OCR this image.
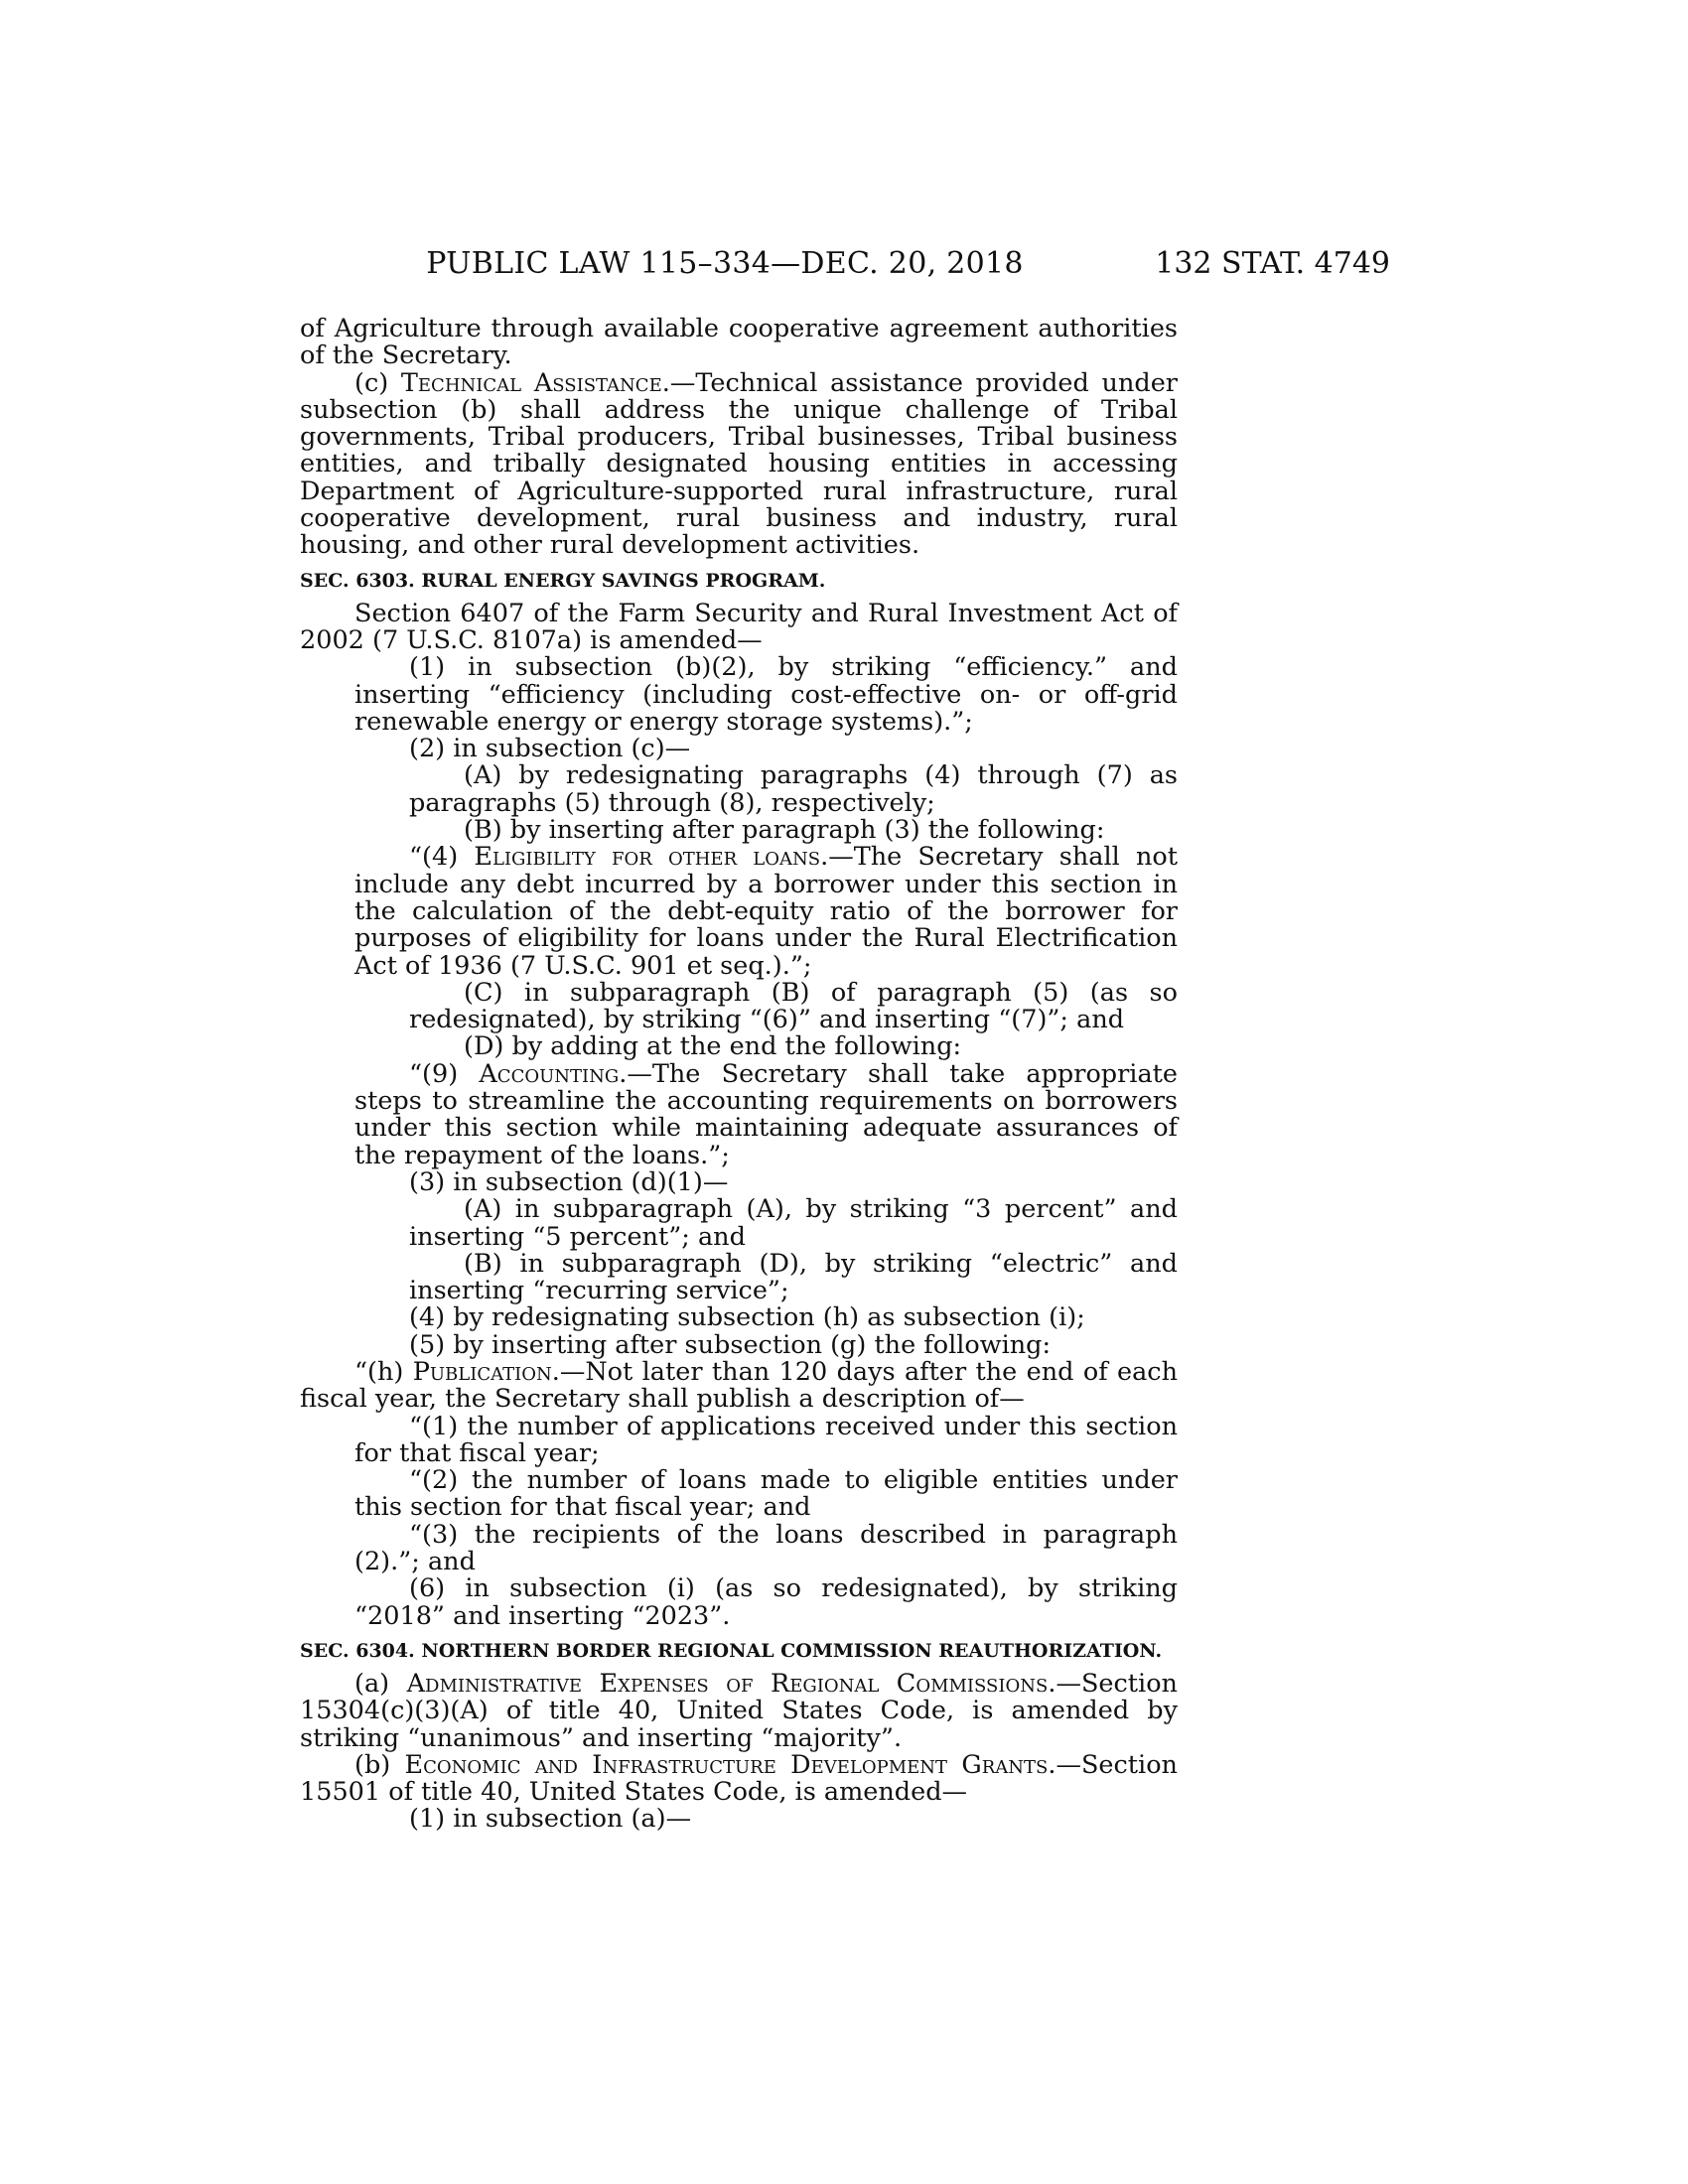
PUBLIC LAW 115–334—DEC. 20, 2018	132 STAT. 4749

of Agriculture through available cooperative agreement authorities of the Secretary.

(c) Technical Assistance.—Technical assistance provided under subsection (b) shall address the unique challenge of Tribal governments, Tribal producers, Tribal businesses, Tribal business entities, and tribally designated housing entities in accessing Department of Agriculture-supported rural infrastructure, rural cooperative development, rural business and industry, rural housing, and other rural development activities.

SEC. 6303. RURAL ENERGY SAVINGS PROGRAM.

Section 6407 of the Farm Security and Rural Investment Act of 2002 (7 U.S.C. 8107a) is amended—

(1) in subsection (b)(2), by striking “efficiency.” and inserting “efficiency (including cost-effective on- or off-grid renewable energy or energy storage systems).”;

(2) in subsection (c)—

(A) by redesignating paragraphs (4) through (7) as paragraphs (5) through (8), respectively;

(B) by inserting after paragraph (3) the following:

“(4) Eligibility for other loans.—The Secretary shall not include any debt incurred by a borrower under this section in the calculation of the debt-equity ratio of the borrower for purposes of eligibility for loans under the Rural Electrification Act of 1936 (7 U.S.C. 901 et seq.).”;

(C) in subparagraph (B) of paragraph (5) (as so redesignated), by striking “(6)” and inserting “(7)”; and

(D) by adding at the end the following:

“(9) Accounting.—The Secretary shall take appropriate steps to streamline the accounting requirements on borrowers under this section while maintaining adequate assurances of the repayment of the loans.”;

(3) in subsection (d)(1)—

(A) in subparagraph (A), by striking “3 percent” and inserting “5 percent”; and

(B) in subparagraph (D), by striking “electric” and inserting “recurring service”;

(4) by redesignating subsection (h) as subsection (i);

(5) by inserting after subsection (g) the following:

“(h) Publication.—Not later than 120 days after the end of each fiscal year, the Secretary shall publish a description of—

“(1) the number of applications received under this section for that fiscal year;

“(2) the number of loans made to eligible entities under this section for that fiscal year; and

“(3) the recipients of the loans described in paragraph (2).”; and

(6) in subsection (i) (as so redesignated), by striking “2018” and inserting “2023”.

SEC. 6304. NORTHERN BORDER REGIONAL COMMISSION REAUTHORIZATION.

(a) Administrative Expenses of Regional Commissions.—Section 15304(c)(3)(A) of title 40, United States Code, is amended by striking “unanimous” and inserting “majority”.

(b) Economic and Infrastructure Development Grants.—Section 15501 of title 40, United States Code, is amended—

(1) in subsection (a)—
